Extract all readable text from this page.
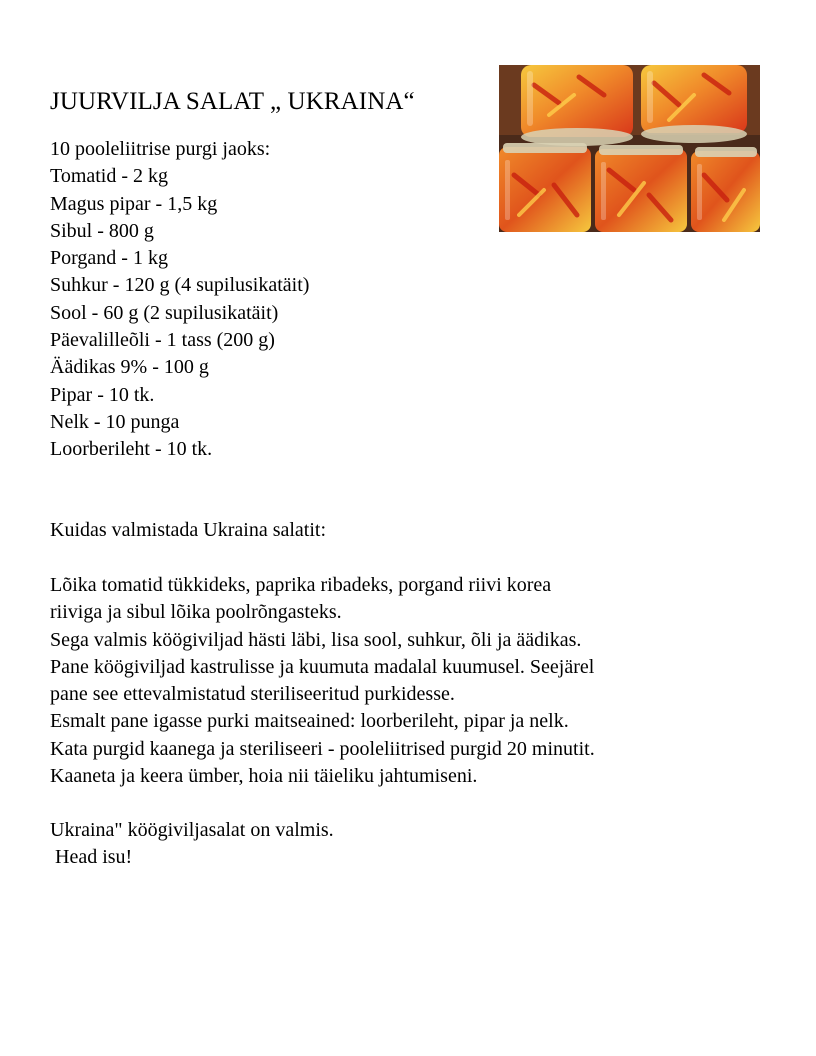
JUURVILJA SALAT „ UKRAINA“
10 pooleliitrise purgi jaoks:
Tomatid - 2 kg
Magus pipar - 1,5 kg
Sibul - 800 g
Porgand - 1 kg
Suhkur - 120 g (4 supilusikatäit)
Sool - 60 g (2 supilusikatäit)
Päevalilleõli - 1 tass (200 g)
Äädikas 9% - 100 g
Pipar - 10 tk.
Nelk - 10 punga
Loorberileht - 10 tk.
Kuidas valmistada Ukraina salatit:
Lõika tomatid tükkideks, paprika ribadeks, porgand riivi korea
riiviga ja sibul lõika poolrõngasteks.
Sega valmis köögiviljad hästi läbi, lisa sool, suhkur, õli ja äädikas.
Pane köögiviljad kastrulisse ja kuumuta madalal kuumusel. Seejärel
pane see ettevalmistatud steriliseeritud purkidesse.
Esmalt pane igasse purki maitseained: loorberileht, pipar ja nelk.
Kata purgid kaanega ja steriliseeri - pooleliitrised purgid 20 minutit.
Kaaneta ja keera ümber, hoia nii täieliku jahtumiseni.
Ukraina" köögiviljasalat on valmis.
Head isu!
